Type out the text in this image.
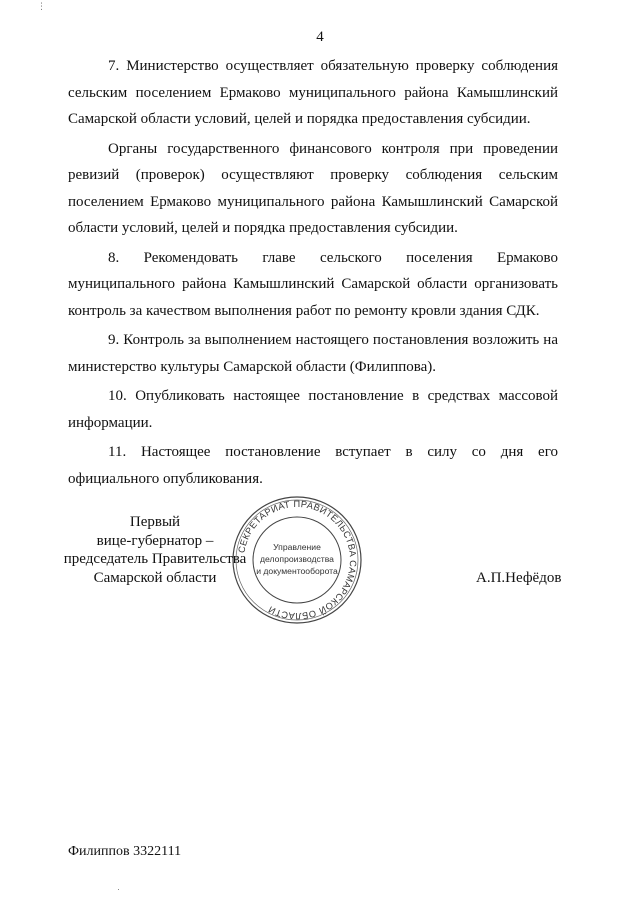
⋮
4

7. Министерство осуществляет обязательную проверку соблюдения сельским поселением Ермаково муниципального района Камышлинский Самарской области условий, целей и порядка предоставления субсидии.

Органы государственного финансового контроля при проведении ревизий (проверок) осуществляют проверку соблюдения сельским поселением Ермаково муниципального района Камышлинский Самарской области условий, целей и порядка предоставления субсидии.

8. Рекомендовать главе сельского поселения Ермаково муниципального района Камышлинский Самарской области организовать контроль за качеством выполнения работ по ремонту кровли здания СДК.

9. Контроль за выполнением настоящего постановления возложить на министерство культуры Самарской области (Филиппова).

10. Опубликовать настоящее постановление в средствах массовой информации.

11. Настоящее постановление вступает в силу со дня его официального опубликования.

Первый
вице-губернатор –
председатель Правительства
Самарской области
СЕКРЕТАРИАТ ПРАВИТЕЛЬСТВА САМАРСКОЙ ОБЛАСТИ
Управление
делопроизводства
и документооборота	А.П.Нефёдов
Филиппов 3322111
